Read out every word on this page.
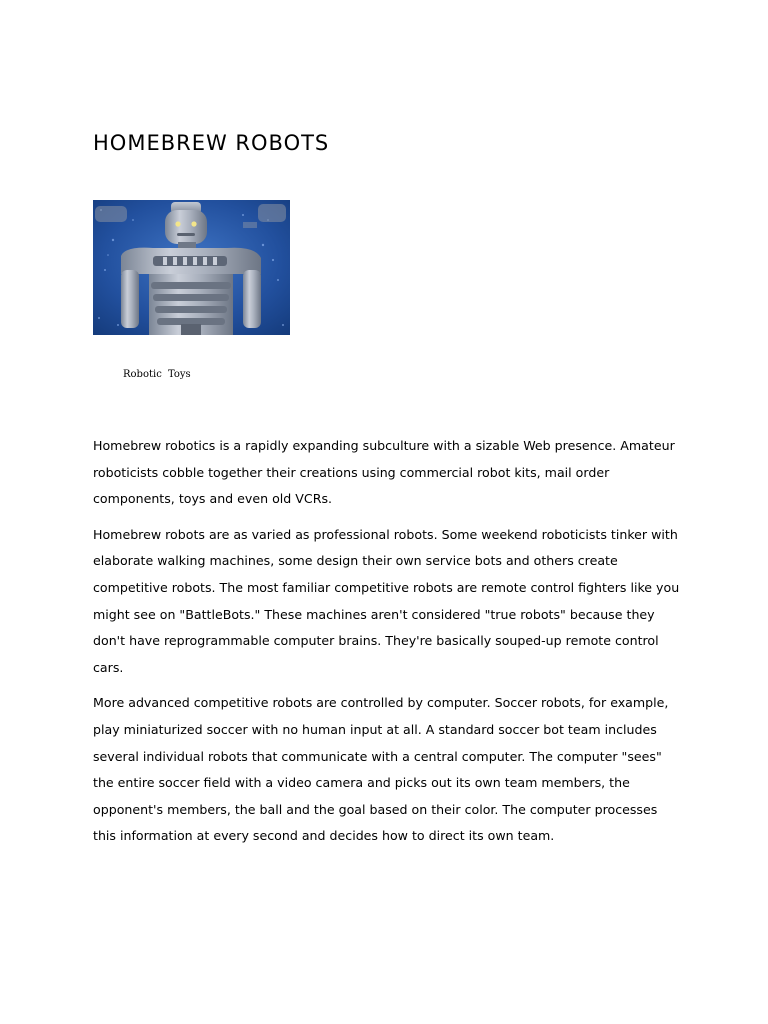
HOMEBREW ROBOTS
Robotic Toys

Homebrew robotics is a rapidly expanding subculture with a sizable Web presence. Amateur roboticists cobble together their creations using commercial robot kits, mail order components, toys and even old VCRs.

Homebrew robots are as varied as professional robots. Some weekend roboticists tinker with elaborate walking machines, some design their own service bots and others create competitive robots. The most familiar competitive robots are remote control fighters like you might see on "BattleBots." These machines aren't considered "true robots" because they don't have reprogrammable computer brains. They're basically souped-up remote control cars.

More advanced competitive robots are controlled by computer. Soccer robots, for example, play miniaturized soccer with no human input at all. A standard soccer bot team includes several individual robots that communicate with a central computer. The computer "sees" the entire soccer field with a video camera and picks out its own team members, the opponent's members, the ball and the goal based on their color. The computer processes this information at every second and decides how to direct its own team.
